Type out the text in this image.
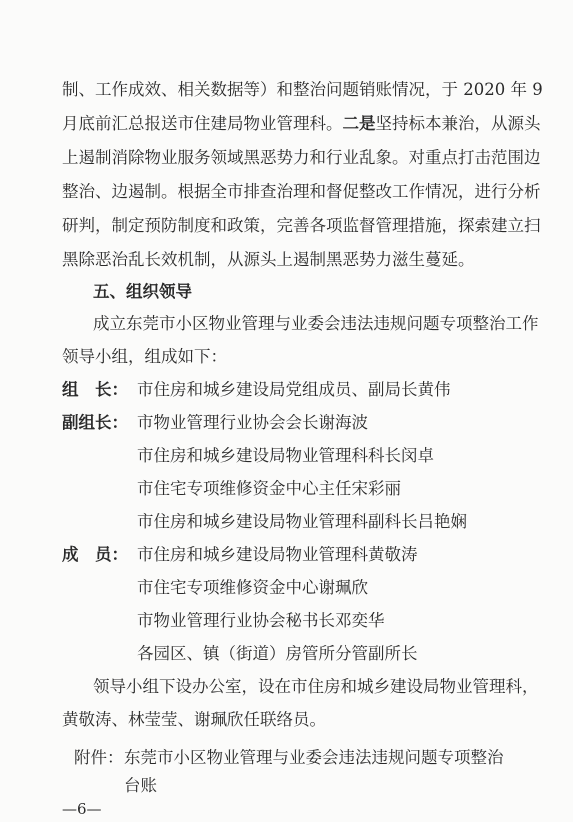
制、工作成效、相关数据等）和整治问题销账情况，于 2020 年 9
月底前汇总报送市住建局物业管理科。二是坚持标本兼治，从源头
上遏制消除物业服务领域黑恶势力和行业乱象。对重点打击范围边
整治、边遏制。根据全市排查治理和督促整改工作情况，进行分析
研判，制定预防制度和政策，完善各项监督管理措施，探索建立扫
黑除恶治乱长效机制，从源头上遏制黑恶势力滋生蔓延。
五、组织领导
成立东莞市小区物业管理与业委会违法违规问题专项整治工作
领导小组，组成如下：
组　长： 市住房和城乡建设局党组成员、副局长黄伟
副组长： 市物业管理行业协会会长谢海波
市住房和城乡建设局物业管理科科长闵卓
市住宅专项维修资金中心主任宋彩丽
市住房和城乡建设局物业管理科副科长吕艳娴
成　员： 市住房和城乡建设局物业管理科黄敬涛
市住宅专项维修资金中心谢珮欣
市物业管理行业协会秘书长邓奕华
各园区、镇（街道）房管所分管副所长
领导小组下设办公室，设在市住房和城乡建设局物业管理科，
黄敬涛、林莹莹、谢珮欣任联络员。
附件： 东莞市小区物业管理与业委会违法违规问题专项整治
台账
—6—
